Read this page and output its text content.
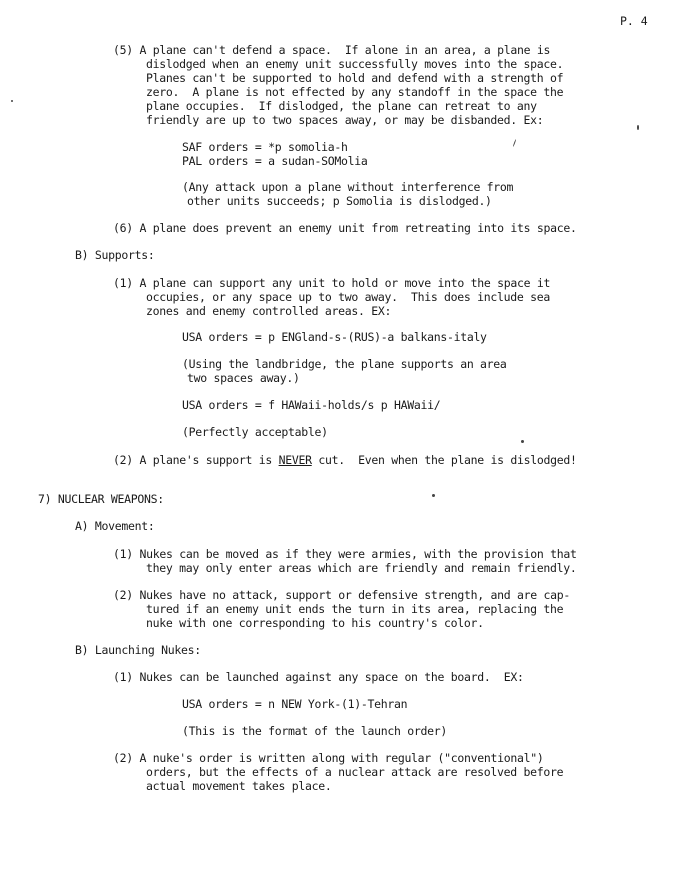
P. 4
(5) A plane can't defend a space.  If alone in an area, a plane is
dislodged when an enemy unit successfully moves into the space.
Planes can't be supported to hold and defend with a strength of
zero.  A plane is not effected by any standoff in the space the
plane occupies.  If dislodged, the plane can retreat to any
friendly are up to two spaces away, or may be disbanded. Ex:
SAF orders = *p somolia-h
PAL orders = a sudan-SOMolia
(Any attack upon a plane without interference from
other units succeeds; p Somolia is dislodged.)
(6) A plane does prevent an enemy unit from retreating into its space.
B) Supports:
(1) A plane can support any unit to hold or move into the space it
occupies, or any space up to two away.  This does include sea
zones and enemy controlled areas. EX:
USA orders = p ENGland-s-(RUS)-a balkans-italy
(Using the landbridge, the plane supports an area
two spaces away.)
USA orders = f HAWaii-holds/s p HAWaii/
(Perfectly acceptable)
(2) A plane's support is NEVER cut.  Even when the plane is dislodged!
7) NUCLEAR WEAPONS:
A) Movement:
(1) Nukes can be moved as if they were armies, with the provision that
they may only enter areas which are friendly and remain friendly.
(2) Nukes have no attack, support or defensive strength, and are cap-
tured if an enemy unit ends the turn in its area, replacing the
nuke with one corresponding to his country's color.
B) Launching Nukes:
(1) Nukes can be launched against any space on the board.  EX:
USA orders = n NEW York-(1)-Tehran
(This is the format of the launch order)
(2) A nuke's order is written along with regular ("conventional")
orders, but the effects of a nuclear attack are resolved before
actual movement takes place.
